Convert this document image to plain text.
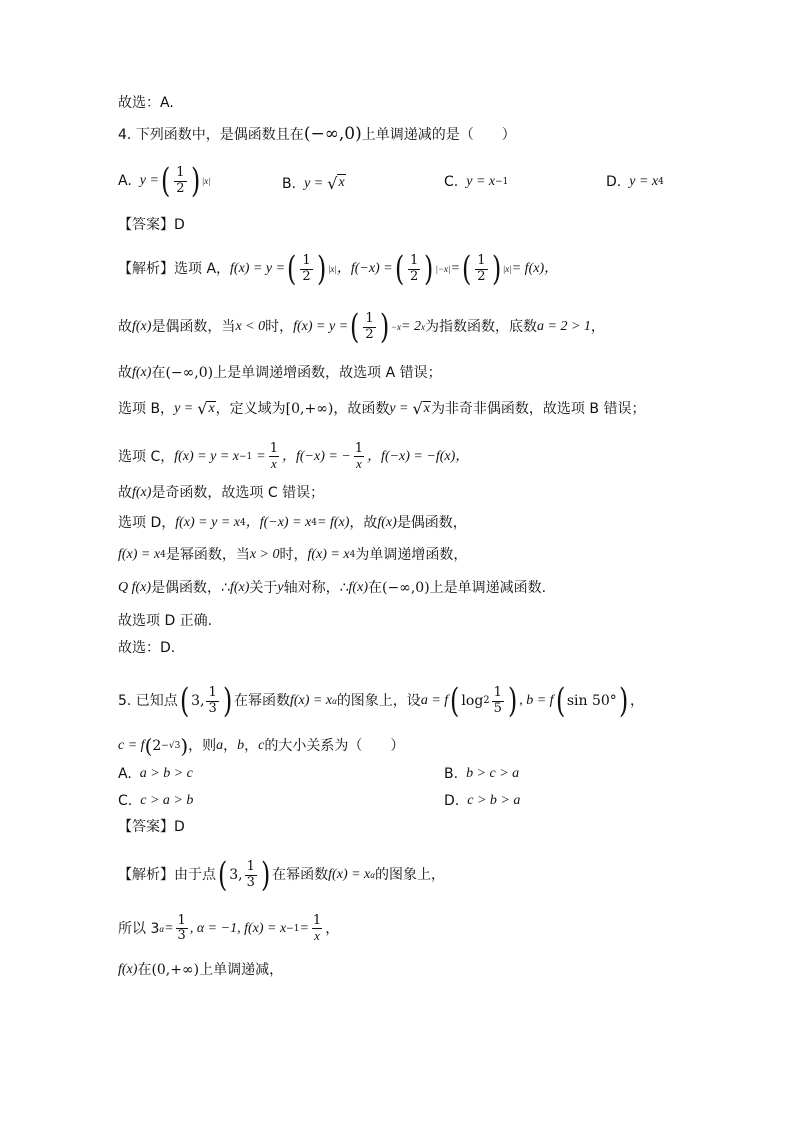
故选：A.
4. 下列函数中，是偶函数且在 (−∞,0) 上单调递减的是（　　）
A. y = ( $\frac{1}{2}$ ) |x|	B. y = √ x	C. y = x −1	D. y = x 4
【答案】D
【解析】选项 A， f(x) = y = ( $\frac{1}{2}$ ) |x| ，f(−x) = ( $\frac{1}{2}$ ) |−x| = ( $\frac{1}{2}$ ) |x| = f(x)，
故 f(x) 是偶函数，当 x < 0 时， f(x) = y = ( $\frac{1}{2}$ ) −x = 2 x 为指数函数，底数 a = 2 > 1 ，
故 f(x) 在 (−∞,0) 上是单调递增函数，故选项 A 错误；
选项 B， y = √ x ，定义域为 [0,+∞) ，故函数 y = √ x 为非奇非偶函数，故选项 B 错误；
选项 C， $f(x) = y = x -1 = \frac{1}{x}$ ，f(−x) = − $\frac{1}{x}$ ，f(−x) = −f(x)，
故 f(x) 是奇函数，故选项 C 错误；
选项 D， f(x) = y = x 4 ，f(−x) = x 4 = f(x) ，故 f(x) 是偶函数，
f(x) = x 4 是幂函数，当 x > 0 时， f(x) = x 4 为单调递增函数，
Q f(x) 是偶函数，∴ f(x) 关于 y 轴对称，∴ f(x) 在 (−∞,0) 上是单调递减函数.
故选项 D 正确.
故选：D.
5. 已知点 ( 3, $\frac{1}{3}$ ) 在幂函数 f(x) = x α 的图象上，设 a = f ( $\log 2 \frac{1}{5}$ ) , b = f ( sin 50° ) ，
c = f ( 2 −√3 ) ，则 a ， b ， c 的大小关系为（　　）
A. a > b > c	B. b > c > a
C. c > a > b	D. c > b > a
【答案】D
【解析】由于点 ( 3, $\frac{1}{3}$ ) 在幂函数 f(x) = x α 的图象上，
所以 3 $\alpha = \frac{1}{3}$ , α = −1, $f(x) = x -1 = \frac{1}{x}$ ，
f(x) 在 (0,+∞) 上单调递减，
